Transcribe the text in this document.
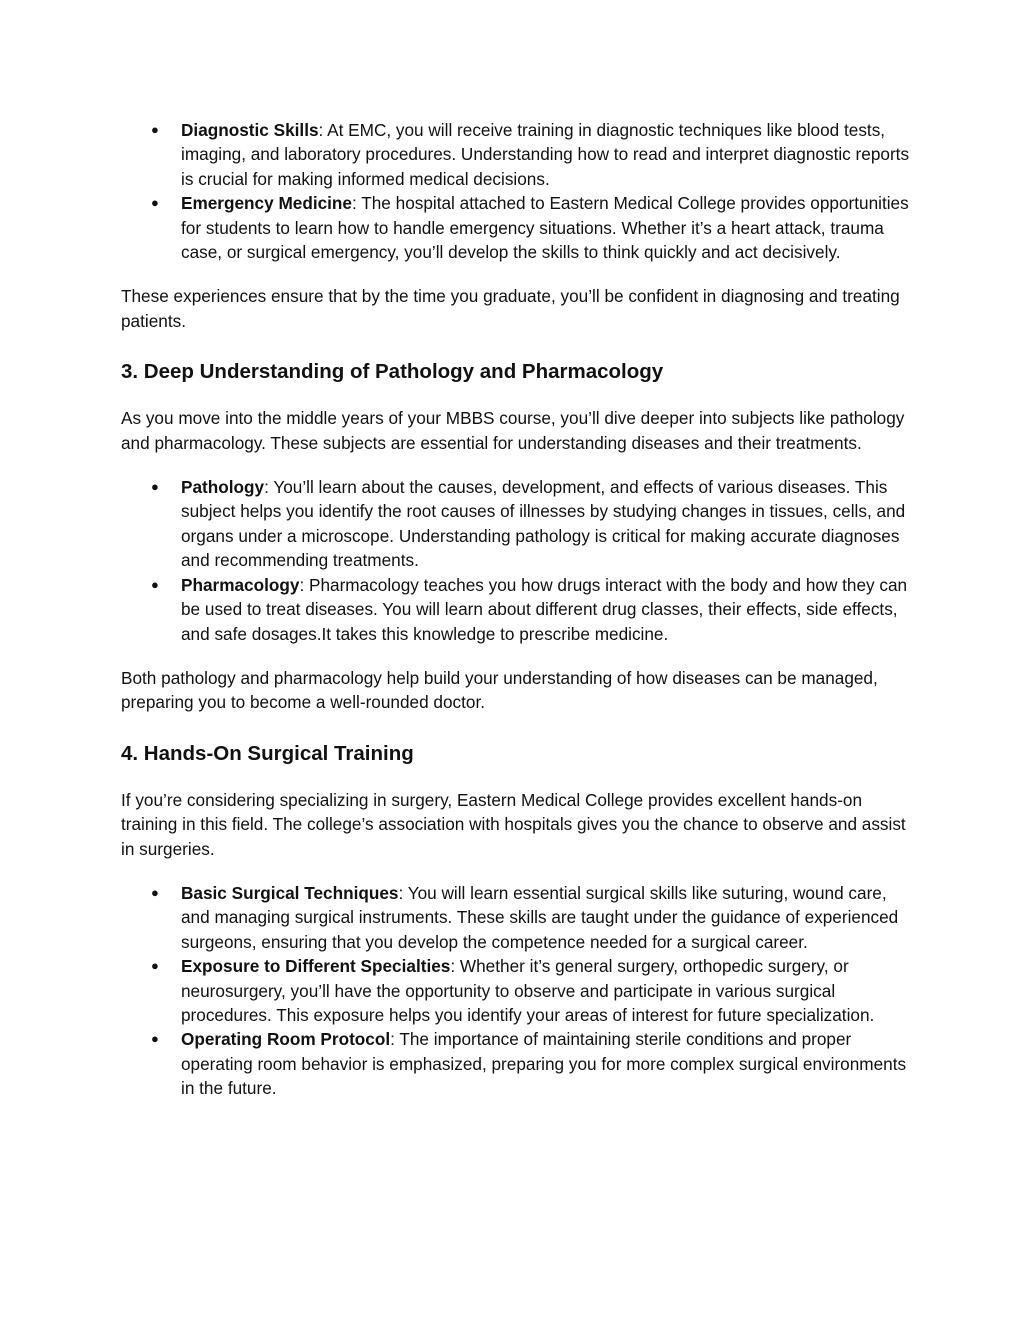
● Diagnostic Skills: At EMC, you will receive training in diagnostic techniques like blood tests, imaging, and laboratory procedures. Understanding how to read and interpret diagnostic reports is crucial for making informed medical decisions.
● Emergency Medicine: The hospital attached to Eastern Medical College provides opportunities for students to learn how to handle emergency situations. Whether it’s a heart attack, trauma case, or surgical emergency, you’ll develop the skills to think quickly and act decisively.

These experiences ensure that by the time you graduate, you’ll be confident in diagnosing and treating patients.

3. Deep Understanding of Pathology and Pharmacology

As you move into the middle years of your MBBS course, you’ll dive deeper into subjects like pathology and pharmacology. These subjects are essential for understanding diseases and their treatments.

● Pathology: You’ll learn about the causes, development, and effects of various diseases. This subject helps you identify the root causes of illnesses by studying changes in tissues, cells, and organs under a microscope. Understanding pathology is critical for making accurate diagnoses and recommending treatments.
● Pharmacology: Pharmacology teaches you how drugs interact with the body and how they can be used to treat diseases. You will learn about different drug classes, their effects, side effects, and safe dosages.It takes this knowledge to prescribe medicine.

Both pathology and pharmacology help build your understanding of how diseases can be managed, preparing you to become a well-rounded doctor.

4. Hands-On Surgical Training

If you’re considering specializing in surgery, Eastern Medical College provides excellent hands-on training in this field. The college’s association with hospitals gives you the chance to observe and assist in surgeries.

● Basic Surgical Techniques: You will learn essential surgical skills like suturing, wound care, and managing surgical instruments. These skills are taught under the guidance of experienced surgeons, ensuring that you develop the competence needed for a surgical career.
● Exposure to Different Specialties: Whether it’s general surgery, orthopedic surgery, or neurosurgery, you’ll have the opportunity to observe and participate in various surgical procedures. This exposure helps you identify your areas of interest for future specialization.
● Operating Room Protocol: The importance of maintaining sterile conditions and proper operating room behavior is emphasized, preparing you for more complex surgical environments in the future.
